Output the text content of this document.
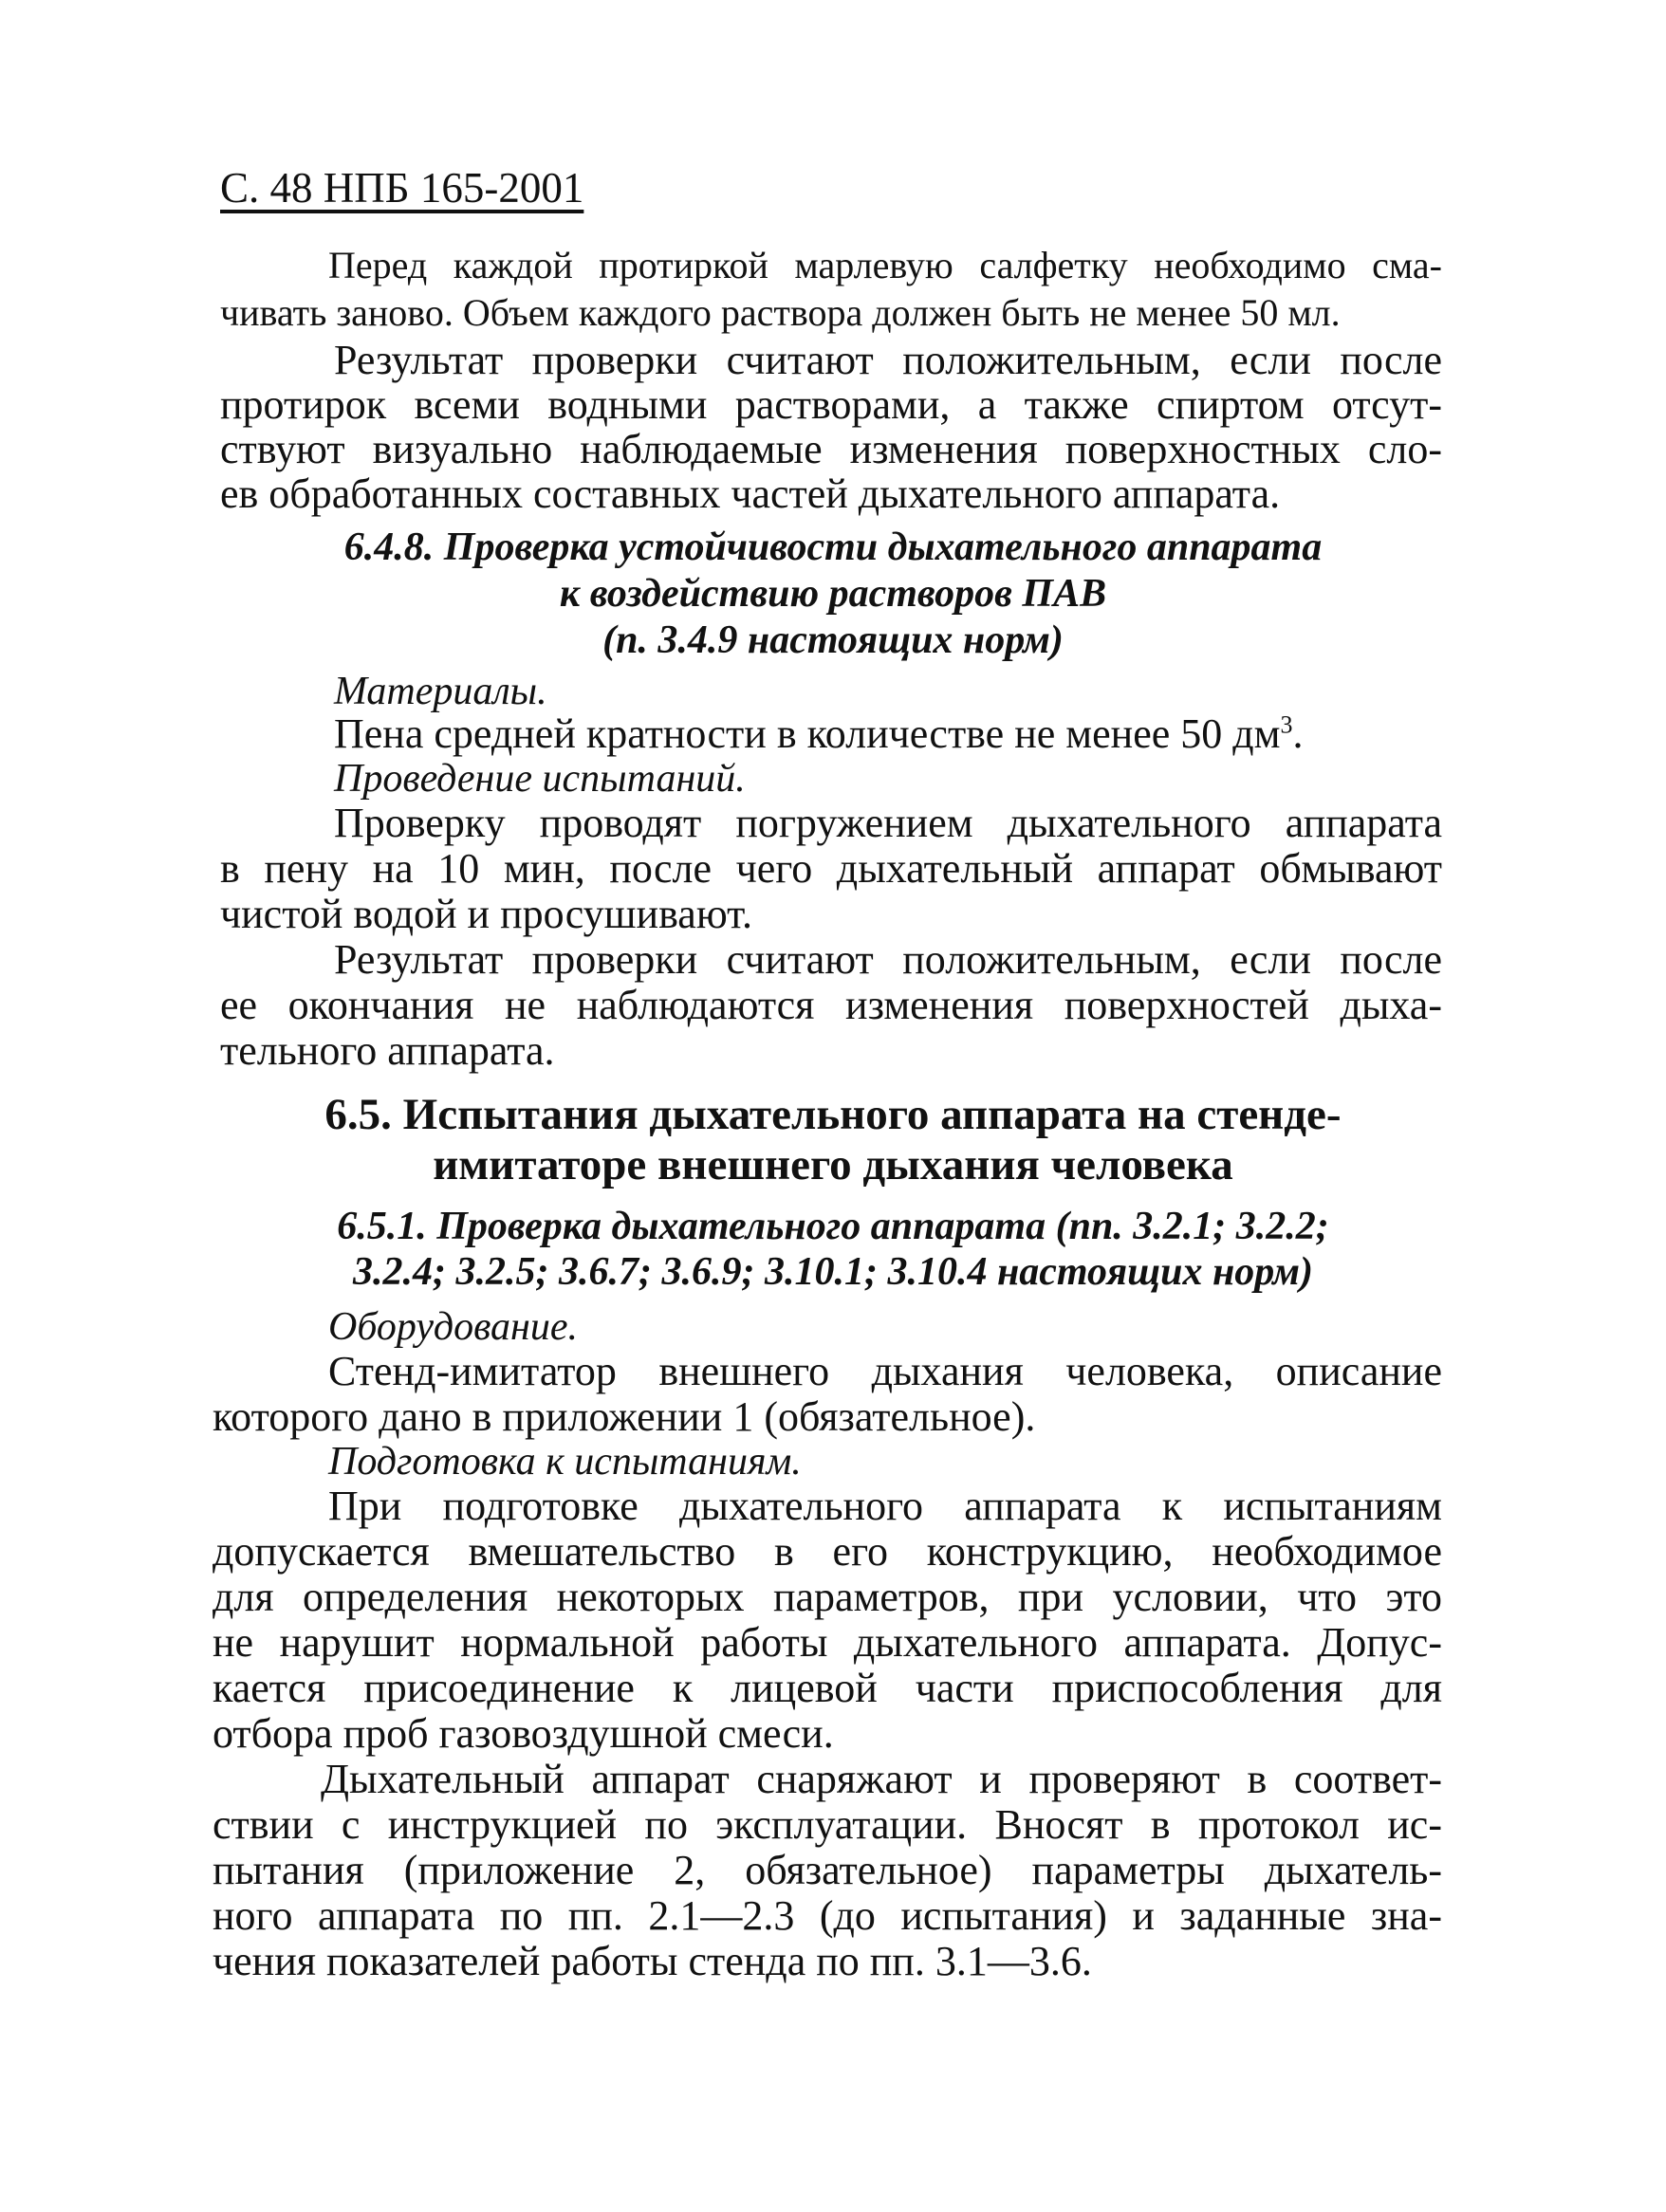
С. 48 НПБ 165-2001
Перед каждой протиркой марлевую салфетку необходимо сма-
чивать заново. Объем каждого раствора должен быть не менее 50 мл.
Результат проверки считают положительным, если после
протирок всеми водными растворами, а также спиртом отсут-
ствуют визуально наблюдаемые изменения поверхностных сло-
ев обработанных составных частей дыхательного аппарата.
6.4.8. Проверка устойчивости дыхательного аппарата
к воздействию растворов ПАВ
(п. 3.4.9 настоящих норм)
Материалы.
Пена средней кратности в количестве не менее 50 $дм^3$.
Проведение испытаний.
Проверку проводят погружением дыхательного аппарата
в пену на 10 мин, после чего дыхательный аппарат обмывают
чистой водой и просушивают.
Результат проверки считают положительным, если после
ее окончания не наблюдаются изменения поверхностей дыха-
тельного аппарата.
6.5. Испытания дыхательного аппарата на стенде-
имитаторе внешнего дыхания человека
6.5.1. Проверка дыхательного аппарата (пп. 3.2.1; 3.2.2;
3.2.4; 3.2.5; 3.6.7; 3.6.9; 3.10.1; 3.10.4 настоящих норм)
Оборудование.
Стенд-имитатор внешнего дыхания человека, описание
которого дано в приложении 1 (обязательное).
Подготовка к испытаниям.
При подготовке дыхательного аппарата к испытаниям
допускается вмешательство в его конструкцию, необходимое
для определения некоторых параметров, при условии, что это
не нарушит нормальной работы дыхательного аппарата. Допус-
кается присоединение к лицевой части приспособления для
отбора проб газовоздушной смеси.
Дыхательный аппарат снаряжают и проверяют в соответ-
ствии с инструкцией по эксплуатации. Вносят в протокол ис-
пытания (приложение 2, обязательное) параметры дыхатель-
ного аппарата по пп. 2.1—2.3 (до испытания) и заданные зна-
чения показателей работы стенда по пп. 3.1—3.6.
